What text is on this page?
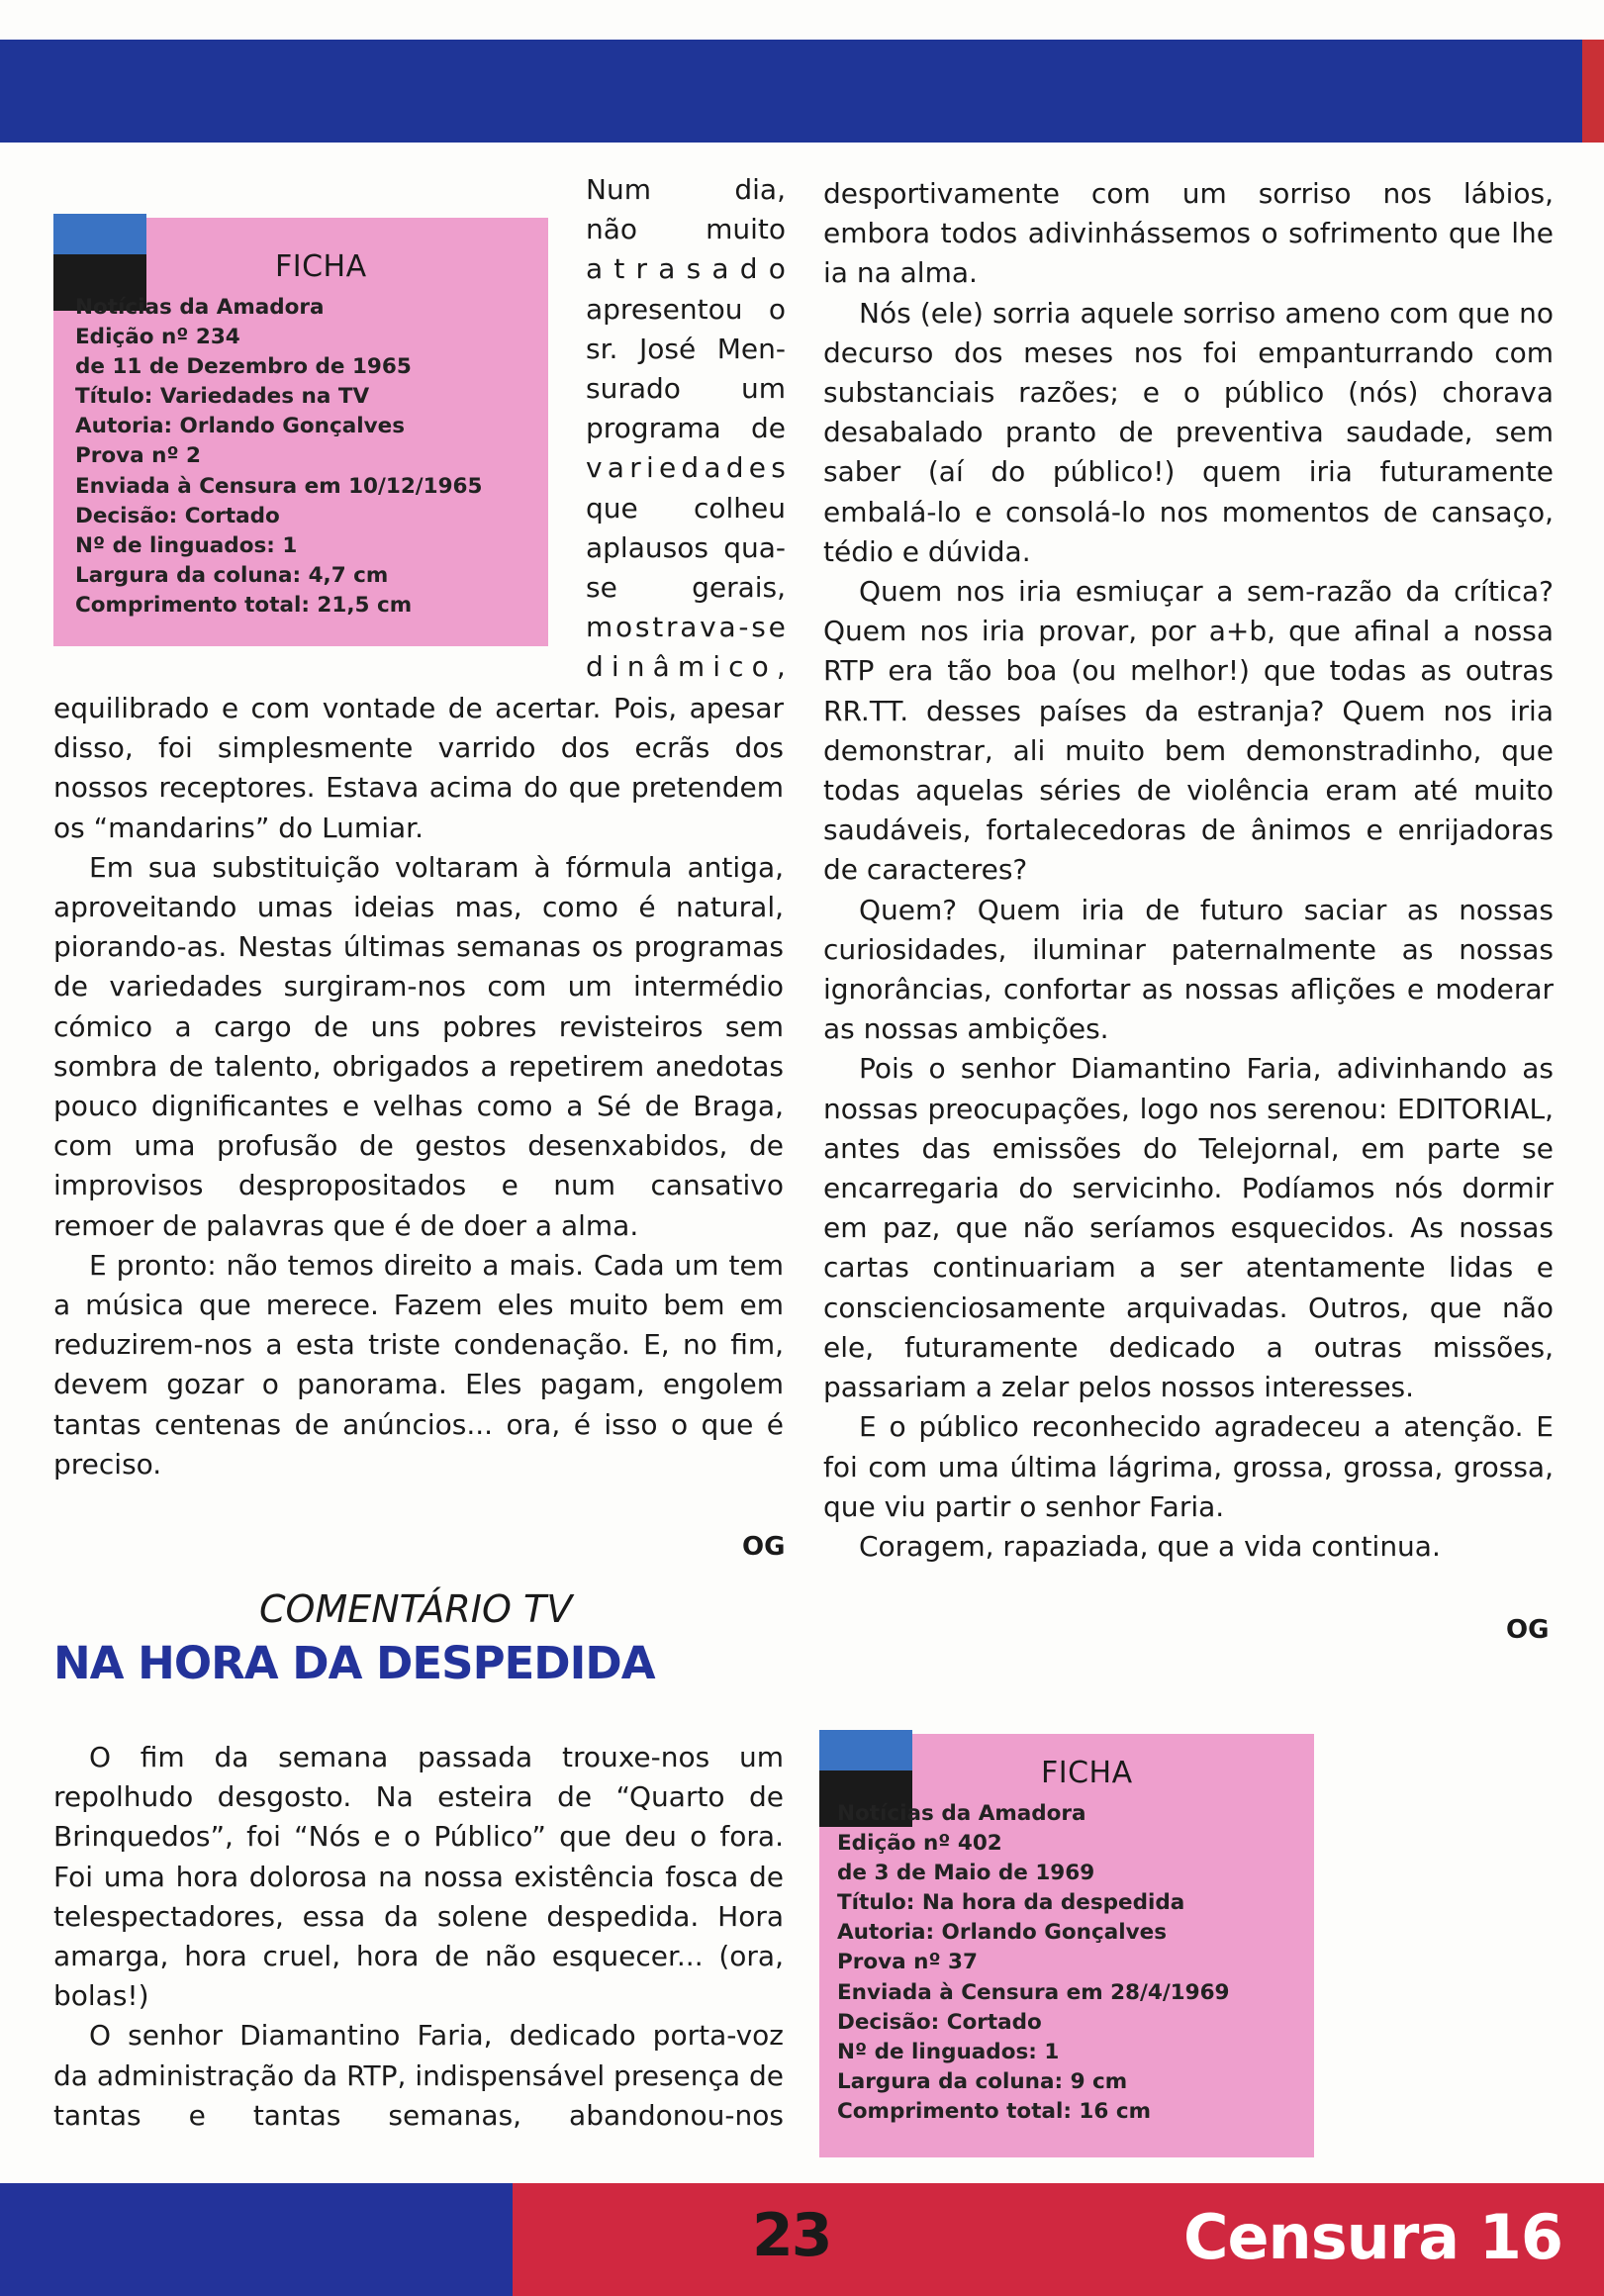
FICHA
Notícias da Amadora
Edição nº 234
de 11 de Dezembro de 1965
Título: Variedades na TV
Autoria: Orlando Gonçalves
Prova nº 2
Enviada à Censura em 10/12/1965
Decisão: Cortado
Nº de linguados: 1
Largura da coluna: 4,7 cm
Comprimento total: 21,5 cm
Num	dia,
não muito
a t r a s a d o
apresentou o
sr. José Men-
surado um
programa de
v a r i e d a d e s
que colheu
aplausos qua-
se	gerais,
m o s t r a v a - s e
d i n â m i c o ,

equilibrado e com vontade de acertar. Pois, apesar disso, foi simplesmente varrido dos ecrãs dos nossos receptores. Estava acima do que pretendem os “mandarins” do Lumiar.

Em sua substituição voltaram à fórmula antiga, aproveitando umas ideias mas, como é natural, piorando-as. Nestas últimas semanas os programas de variedades surgiram-nos com um intermédio cómico a cargo de uns pobres revisteiros sem sombra de talento, obrigados a repetirem anedotas pouco dignificantes e velhas como a Sé de Braga, com uma profusão de gestos desenxabidos, de improvisos despropositados e num cansativo remoer de palavras que é de doer a alma.

E pronto: não temos direito a mais. Cada um tem a música que merece. Fazem eles muito bem em reduzirem-nos a esta triste condenação. E, no fim, devem gozar o panorama. Eles pagam, engolem tantas centenas de anúncios... ora, é isso o que é preciso.

OG
COMENTÁRIO TV
NA HORA DA DESPEDIDA

O fim da semana passada trouxe-nos um repolhudo desgosto. Na esteira de “Quarto de Brinquedos”, foi “Nós e o Público” que deu o fora. Foi uma hora dolorosa na nossa existência fosca de telespectadores, essa da solene despedida. Hora amarga, hora cruel, hora de não esquecer... (ora, bolas!)

O senhor Diamantino Faria, dedicado porta-voz da administração da RTP, indispensável presença de tantas e tantas semanas, abandonou-nos

desportivamente com um sorriso nos lábios, embora todos adivinhássemos o sofrimento que lhe ia na alma.

Nós (ele) sorria aquele sorriso ameno com que no decurso dos meses nos foi empanturrando com substanciais razões; e o público (nós) chorava desabalado pranto de preventiva saudade, sem saber (aí do público!) quem iria futuramente embalá-lo e consolá-lo nos momentos de cansaço, tédio e dúvida.

Quem nos iria esmiuçar a sem-razão da crítica? Quem nos iria provar, por a+b, que afinal a nossa RTP era tão boa (ou melhor!) que todas as outras RR.TT. desses países da estranja? Quem nos iria demonstrar, ali muito bem demonstradinho, que todas aquelas séries de violência eram até muito saudáveis, fortalecedoras de ânimos e enrijadoras de caracteres?

Quem? Quem iria de futuro saciar as nossas curiosidades, iluminar paternalmente as nossas ignorâncias, confortar as nossas aflições e moderar as nossas ambições.

Pois o senhor Diamantino Faria, adivinhando as nossas preocupações, logo nos serenou: EDITORIAL, antes das emissões do Telejornal, em parte se encarregaria do servicinho. Podíamos nós dormir em paz, que não seríamos esquecidos. As nossas cartas continuariam a ser atentamente lidas e conscienciosamente arquivadas. Outros, que não ele, futuramente dedicado a outras missões, passariam a zelar pelos nossos interesses.

E o público reconhecido agradeceu a atenção. E foi com uma última lágrima, grossa, grossa, grossa, que viu partir o senhor Faria.

Coragem, rapaziada, que a vida continua.

OG
FICHA
Notícias da Amadora
Edição nº 402
de 3 de Maio de 1969
Título: Na hora da despedida
Autoria: Orlando Gonçalves
Prova nº 37
Enviada à Censura em 28/4/1969
Decisão: Cortado
Nº de linguados: 1
Largura da coluna: 9 cm
Comprimento total: 16 cm
23	Censura 16
